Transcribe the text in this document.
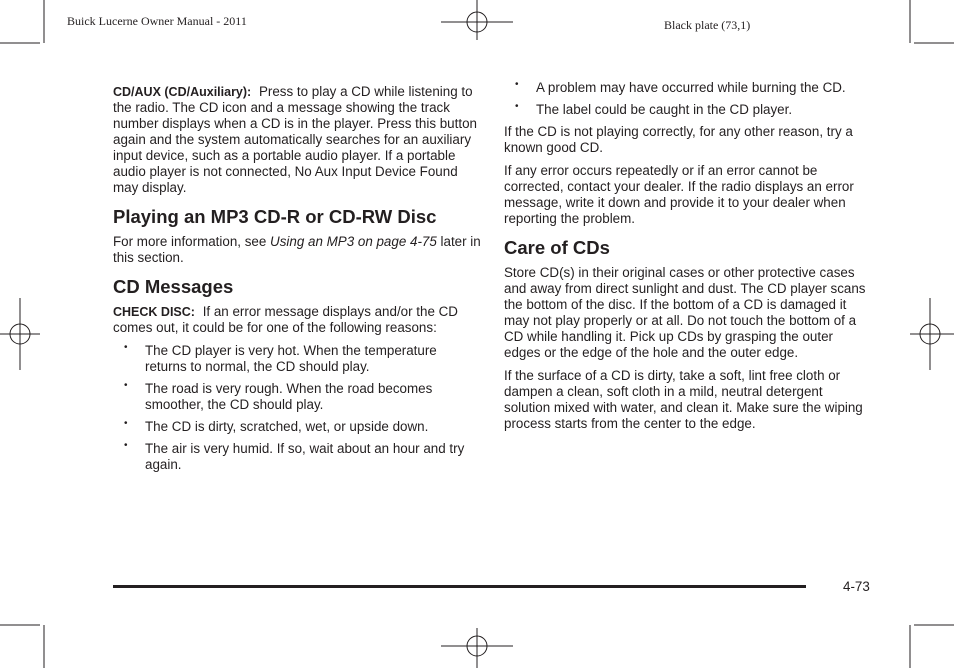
Buick Lucerne Owner Manual - 2011	Black plate (73,1)

CD/AUX (CD/Auxiliary): Press to play a CD while listening to the radio. The CD icon and a message showing the track number displays when a CD is in the player. Press this button again and the system automatically searches for an auxiliary input device, such as a portable audio player. If a portable audio player is not connected, No Aux Input Device Found may display.

Playing an MP3 CD-R or CD-RW Disc

For more information, see Using an MP3 on page 4-75 later in this section.

CD Messages

CHECK DISC: If an error message displays and/or the CD comes out, it could be for one of the following reasons:

• The CD player is very hot. When the temperature returns to normal, the CD should play.
• The road is very rough. When the road becomes smoother, the CD should play.
• The CD is dirty, scratched, wet, or upside down.
• The air is very humid. If so, wait about an hour and try again.
• A problem may have occurred while burning the CD.
• The label could be caught in the CD player.

If the CD is not playing correctly, for any other reason, try a known good CD.

If any error occurs repeatedly or if an error cannot be corrected, contact your dealer. If the radio displays an error message, write it down and provide it to your dealer when reporting the problem.

Care of CDs

Store CD(s) in their original cases or other protective cases and away from direct sunlight and dust. The CD player scans the bottom of the disc. If the bottom of a CD is damaged it may not play properly or at all. Do not touch the bottom of a CD while handling it. Pick up CDs by grasping the outer edges or the edge of the hole and the outer edge.

If the surface of a CD is dirty, take a soft, lint free cloth or dampen a clean, soft cloth in a mild, neutral detergent solution mixed with water, and clean it. Make sure the wiping process starts from the center to the edge.

4-73
